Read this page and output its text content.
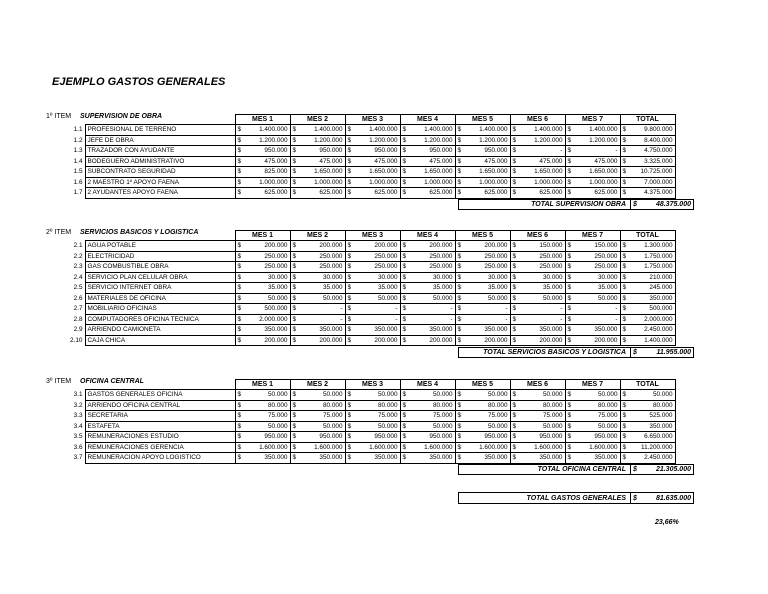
EJEMPLO GASTOS GENERALES
1º ITEM SUPERVISION DE OBRA
			MES 1		MES 2		MES 3		MES 4		MES 5		MES 6		MES 7		TOTAL	
1.1	PROFESIONAL DE TERRENO	$	1.400.000	$	1.400.000	$	1.400.000	$	1.400.000	$	1.400.000	$	1.400.000	$	1.400.000	$	9.800.000
1.2	JEFE DE OBRA	$	1.200.000	$	1.200.000	$	1.200.000	$	1.200.000	$	1.200.000	$	1.200.000	$	1.200.000	$	8.400.000
1.3	TRAZADOR CON AYUDANTE	$	950.000	$	950.000	$	950.000	$	950.000	$	950.000	$	-	$	-	$	4.750.000
1.4	BODEGUERO ADMINISTRATIVO	$	475.000	$	475.000	$	475.000	$	475.000	$	475.000	$	475.000	$	475.000	$	3.325.000
1.5	SUBCONTRATO SEGURIDAD	$	825.000	$	1.650.000	$	1.650.000	$	1.650.000	$	1.650.000	$	1.650.000	$	1.650.000	$	10.725.000
1.6	2 MAESTRO 1º APOYO FAENA	$	1.000.000	$	1.000.000	$	1.000.000	$	1.000.000	$	1.000.000	$	1.000.000	$	1.000.000	$	7.000.000
1.7	2 AYUDANTES APOYO FAENA	$	625.000	$	625.000	$	625.000	$	625.000	$	625.000	$	625.000	$	625.000	$	4.375.000
TOTAL SUPERVISION OBRA	$	48.375.000
2º ITEM SERVICIOS BASICOS Y LOGISTICA
			MES 1		MES 2		MES 3		MES 4		MES 5		MES 6		MES 7		TOTAL	
2.1	AGUA POTABLE	$	200.000	$	200.000	$	200.000	$	200.000	$	200.000	$	150.000	$	150.000	$	1.300.000
2.2	ELECTRICIDAD	$	250.000	$	250.000	$	250.000	$	250.000	$	250.000	$	250.000	$	250.000	$	1.750.000
2.3	GAS COMBUSTIBLE OBRA	$	250.000	$	250.000	$	250.000	$	250.000	$	250.000	$	250.000	$	250.000	$	1.750.000
2.4	SERVICIO PLAN CELULAR OBRA	$	30.000	$	30.000	$	30.000	$	30.000	$	30.000	$	30.000	$	30.000	$	210.000
2.5	SERVICIO INTERNET OBRA	$	35.000	$	35.000	$	35.000	$	35.000	$	35.000	$	35.000	$	35.000	$	245.000
2.6	MATERIALES DE OFICINA	$	50.000	$	50.000	$	50.000	$	50.000	$	50.000	$	50.000	$	50.000	$	350.000
2.7	MOBILIARIO OFICINAS	$	500.000	$	-	$	-	$	-	$	-	$	-	$	-	$	500.000
2.8	COMPUTADORES OFICINA TECNICA	$	2.000.000	$	-	$	-	$	-	$	-	$	-	$	-	$	2.000.000
2.9	ARRIENDO CAMIONETA	$	350.000	$	350.000	$	350.000	$	350.000	$	350.000	$	350.000	$	350.000	$	2.450.000
2.10	CAJA CHICA	$	200.000	$	200.000	$	200.000	$	200.000	$	200.000	$	200.000	$	200.000	$	1.400.000
TOTAL SERVICIOS BASICOS Y LOGISTICA	$	11.955.000
3º ITEM OFICINA CENTRAL
			MES 1		MES 2		MES 3		MES 4		MES 5		MES 6		MES 7		TOTAL	
3.1	GASTOS GENERALES OFICINA	$	50.000	$	50.000	$	50.000	$	50.000	$	50.000	$	50.000	$	50.000	$	50.000
3.2	ARRIENDO OFICINA CENTRAL	$	80.000	$	80.000	$	80.000	$	80.000	$	80.000	$	80.000	$	80.000	$	80.000
3.3	SECRETARIA	$	75.000	$	75.000	$	75.000	$	75.000	$	75.000	$	75.000	$	75.000	$	525.000
3.4	ESTAFETA	$	50.000	$	50.000	$	50.000	$	50.000	$	50.000	$	50.000	$	50.000	$	350.000
3.5	REMUNERACIONES ESTUDIO	$	950.000	$	950.000	$	950.000	$	950.000	$	950.000	$	950.000	$	950.000	$	6.650.000
3.6	REMUNERACIONES GERENCIA	$	1.600.000	$	1.600.000	$	1.600.000	$	1.600.000	$	1.600.000	$	1.600.000	$	1.600.000	$	11.200.000
3.7	REMUNERACION APOYO LOGISTICO	$	350.000	$	350.000	$	350.000	$	350.000	$	350.000	$	350.000	$	350.000	$	2.450.000
TOTAL OFICINA CENTRAL	$	21.305.000
TOTAL GASTOS GENERALES	$	81.635.000
23,66%
